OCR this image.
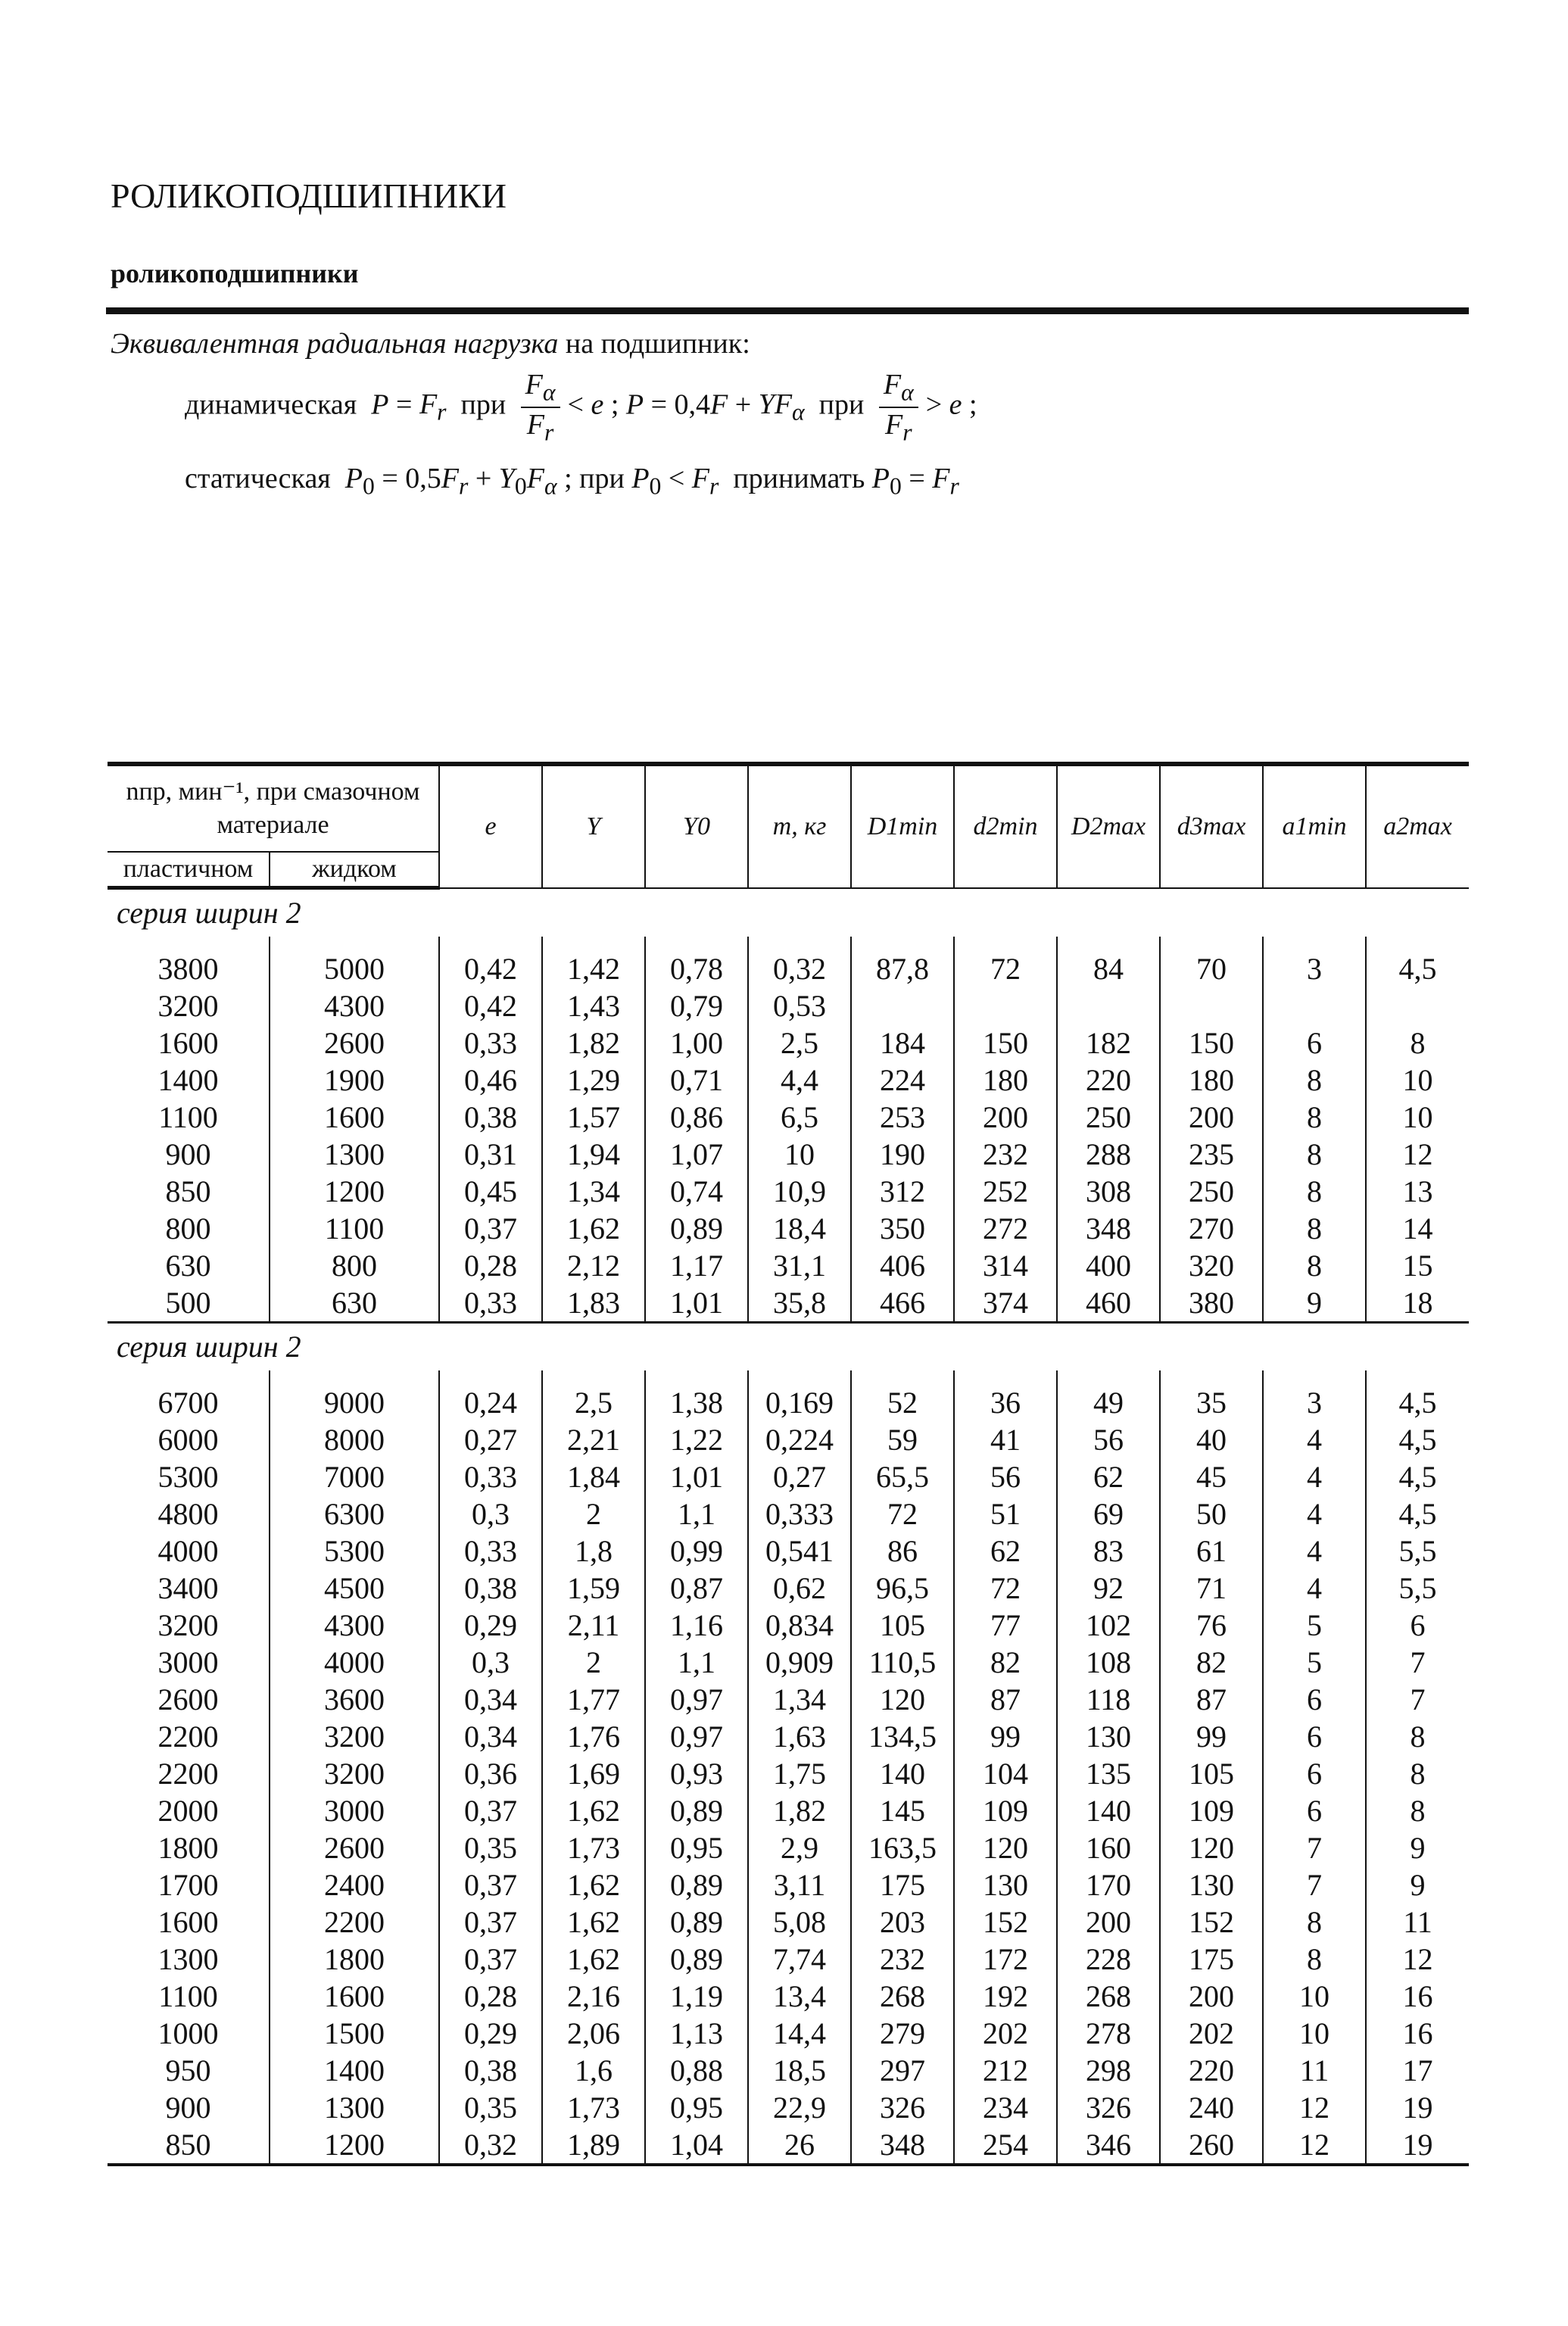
РОЛИКОПОДШИПНИКИ
роликоподшипники
Эквивалентная радиальная нагрузка на подшипник:
динамическая $P = F_r$  при $\frac{F_\alpha}{F_r} < e$ ; $P = 0,4F + YF_\alpha$  при $\frac{F_\alpha}{F_r} > e$ ;
статическая $P_0 = 0,5F_r + Y_0F_\alpha$ ; при $P_0 < F_r$  принимать $P_0 = F_r$
nпр, мин⁻¹, при смазочном материале		e	Y	Y0	m, кг	D1min	d2min	D2max	d3max	a1min	a2max
пластичном	жидком										
серия ширин 2											
3800	5000	0,42	1,42	0,78	0,32	87,8	72	84	70	3	4,5
3200	4300	0,42	1,43	0,79	0,53						
1600	2600	0,33	1,82	1,00	2,5	184	150	182	150	6	8
1400	1900	0,46	1,29	0,71	4,4	224	180	220	180	8	10
1100	1600	0,38	1,57	0,86	6,5	253	200	250	200	8	10
900	1300	0,31	1,94	1,07	10	190	232	288	235	8	12
850	1200	0,45	1,34	0,74	10,9	312	252	308	250	8	13
800	1100	0,37	1,62	0,89	18,4	350	272	348	270	8	14
630	800	0,28	2,12	1,17	31,1	406	314	400	320	8	15
500	630	0,33	1,83	1,01	35,8	466	374	460	380	9	18
серия ширин 2											
6700	9000	0,24	2,5	1,38	0,169	52	36	49	35	3	4,5
6000	8000	0,27	2,21	1,22	0,224	59	41	56	40	4	4,5
5300	7000	0,33	1,84	1,01	0,27	65,5	56	62	45	4	4,5
4800	6300	0,3	2	1,1	0,333	72	51	69	50	4	4,5
4000	5300	0,33	1,8	0,99	0,541	86	62	83	61	4	5,5
3400	4500	0,38	1,59	0,87	0,62	96,5	72	92	71	4	5,5
3200	4300	0,29	2,11	1,16	0,834	105	77	102	76	5	6
3000	4000	0,3	2	1,1	0,909	110,5	82	108	82	5	7
2600	3600	0,34	1,77	0,97	1,34	120	87	118	87	6	7
2200	3200	0,34	1,76	0,97	1,63	134,5	99	130	99	6	8
2200	3200	0,36	1,69	0,93	1,75	140	104	135	105	6	8
2000	3000	0,37	1,62	0,89	1,82	145	109	140	109	6	8
1800	2600	0,35	1,73	0,95	2,9	163,5	120	160	120	7	9
1700	2400	0,37	1,62	0,89	3,11	175	130	170	130	7	9
1600	2200	0,37	1,62	0,89	5,08	203	152	200	152	8	11
1300	1800	0,37	1,62	0,89	7,74	232	172	228	175	8	12
1100	1600	0,28	2,16	1,19	13,4	268	192	268	200	10	16
1000	1500	0,29	2,06	1,13	14,4	279	202	278	202	10	16
950	1400	0,38	1,6	0,88	18,5	297	212	298	220	11	17
900	1300	0,35	1,73	0,95	22,9	326	234	326	240	12	19
850	1200	0,32	1,89	1,04	26	348	254	346	260	12	19
